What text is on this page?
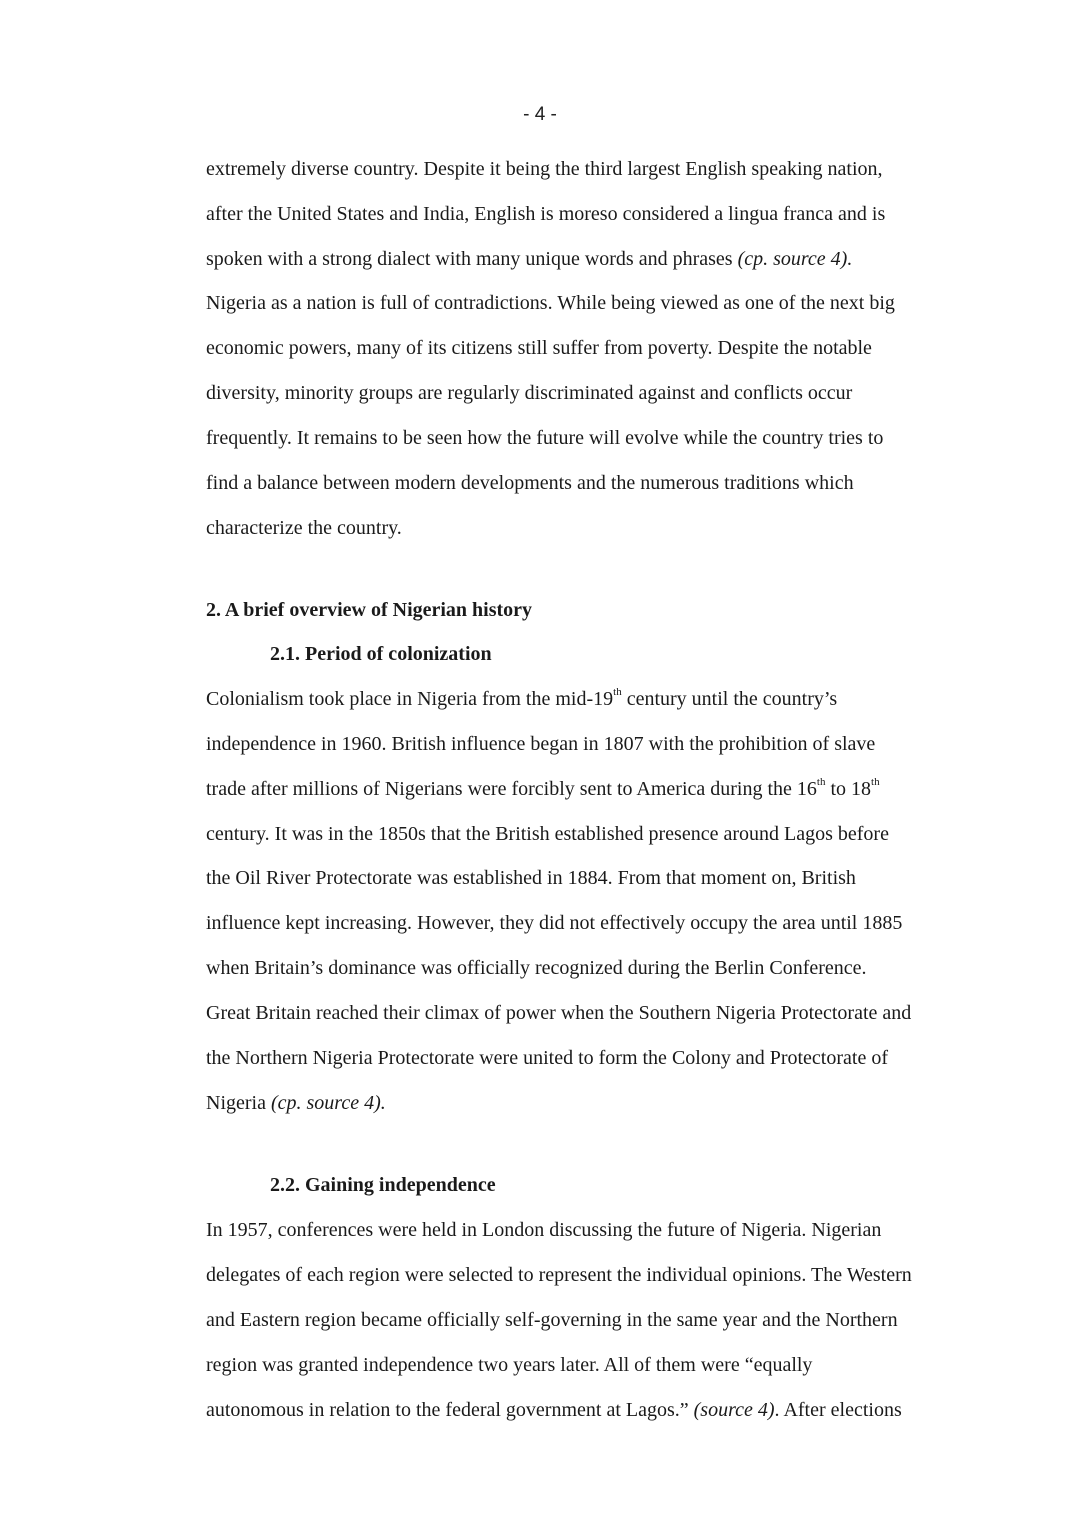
- 4 -
extremely diverse country. Despite it being the third largest English speaking nation,
after the United States and India, English is moreso considered a lingua franca and is
spoken with a strong dialect with many unique words and phrases (cp. source 4).
Nigeria as a nation is full of contradictions. While being viewed as one of the next big
economic powers, many of its citizens still suffer from poverty. Despite the notable
diversity, minority groups are regularly discriminated against and conflicts occur
frequently. It remains to be seen how the future will evolve while the country tries to
find a balance between modern developments and the numerous traditions which
characterize the country.
2. A brief overview of Nigerian history
2.1. Period of colonization
Colonialism took place in Nigeria from the mid-19th century until the country’s
independence in 1960. British influence began in 1807 with the prohibition of slave
trade after millions of Nigerians were forcibly sent to America during the 16th to 18th
century. It was in the 1850s that the British established presence around Lagos before
the Oil River Protectorate was established in 1884. From that moment on, British
influence kept increasing. However, they did not effectively occupy the area until 1885
when Britain’s dominance was officially recognized during the Berlin Conference.
Great Britain reached their climax of power when the Southern Nigeria Protectorate and
the Northern Nigeria Protectorate were united to form the Colony and Protectorate of
Nigeria (cp. source 4).
2.2. Gaining independence
In 1957, conferences were held in London discussing the future of Nigeria. Nigerian
delegates of each region were selected to represent the individual opinions. The Western
and Eastern region became officially self-governing in the same year and the Northern
region was granted independence two years later. All of them were “equally
autonomous in relation to the federal government at Lagos.” (source 4). After elections
